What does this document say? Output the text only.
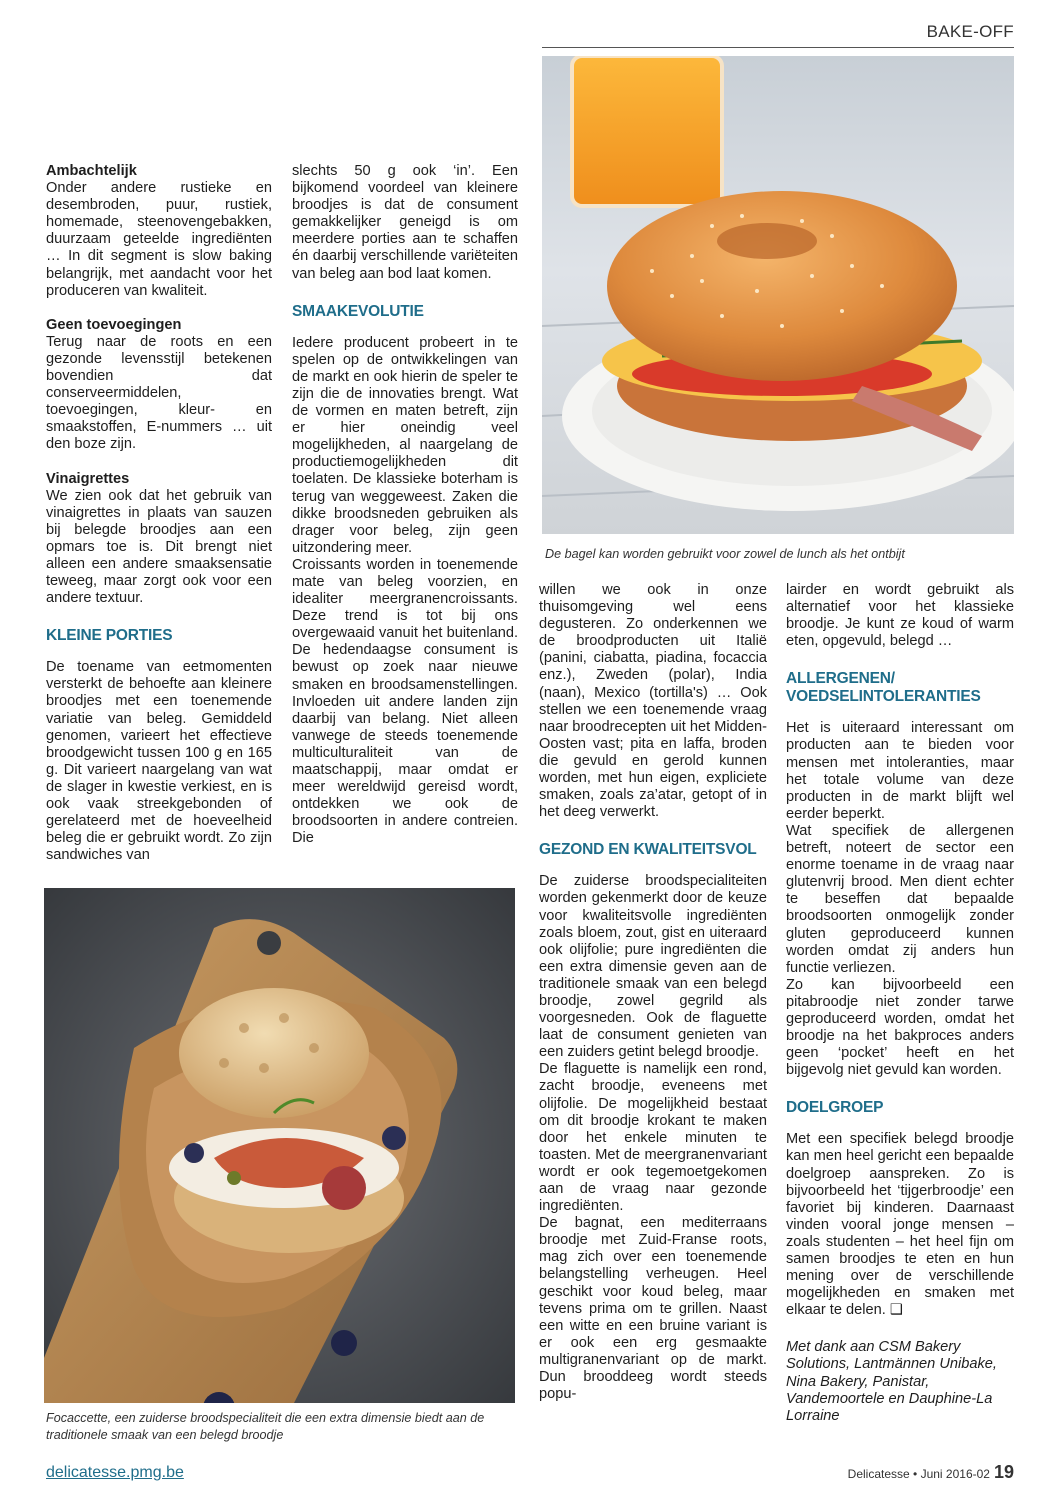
BAKE-OFF
De bagel kan worden gebruikt voor zowel de lunch als het ontbijt

Ambachtelijk

Onder andere rustieke en desembroden, puur, rustiek, homemade, steenovengebakken, duurzaam geteelde ingrediënten … In dit segment is slow baking belangrijk, met aandacht voor het produceren van kwaliteit.

Geen toevoegingen

Terug naar de roots en een gezonde levensstijl betekenen bovendien dat conserveermiddelen, toevoegingen, kleur- en smaakstoffen, E-nummers … uit den boze zijn.

Vinaigrettes

We zien ook dat het gebruik van vinaigrettes in plaats van sauzen bij belegde broodjes aan een opmars toe is. Dit brengt niet alleen een andere smaaksensatie teweeg, maar zorgt ook voor een andere textuur.

KLEINE PORTIES

De toename van eetmomenten versterkt de behoefte aan kleinere broodjes met een toenemende variatie van beleg. Gemiddeld genomen, varieert het effectieve broodgewicht tussen 100 g en 165 g. Dit varieert naargelang van wat de slager in kwestie verkiest, en is ook vaak streekgebonden of gerelateerd met de hoeveelheid beleg die er gebruikt wordt. Zo zijn sandwiches van

slechts 50 g ook ‘in’. Een bijkomend voordeel van kleinere broodjes is dat de consument gemakkelijker geneigd is om meerdere porties aan te schaffen én daarbij verschillende variëteiten van beleg aan bod laat komen.

SMAAKEVOLUTIE

Iedere producent probeert in te spelen op de ontwikkelingen van de markt en ook hierin de speler te zijn die de innovaties brengt. Wat de vormen en maten betreft, zijn er hier oneindig veel mogelijkheden, al naargelang de productiemogelijkheden dit toelaten. De klassieke boterham is terug van weggeweest. Zaken die dikke broodsneden gebruiken als drager voor beleg, zijn geen uitzondering meer.

Croissants worden in toenemende mate van beleg voorzien, en idealiter meergranencroissants. Deze trend is tot bij ons overgewaaid vanuit het buitenland. De hedendaagse consument is bewust op zoek naar nieuwe smaken en broodsamenstellingen. Invloeden uit andere landen zijn daarbij van belang. Niet alleen vanwege de steeds toenemende multiculturaliteit van de maatschappij, maar omdat er meer wereldwijd gereisd wordt, ontdekken we ook de broodsoorten in andere contreien. Die

Focaccette, een zuiderse broodspecialiteit die een extra dimensie biedt aan de traditionele smaak van een belegd broodje

willen we ook in onze thuisomgeving wel eens degusteren. Zo onderkennen we de broodproducten uit Italië (panini, ciabatta, piadina, focaccia enz.), Zweden (polar), India (naan), Mexico (tortilla's) … Ook stellen we een toenemende vraag naar broodrecepten uit het Midden-Oosten vast; pita en laffa, broden die gevuld en gerold kunnen worden, met hun eigen, expliciete smaken, zoals za’atar, getopt of in het deeg verwerkt.

GEZOND EN KWALITEITSVOL

De zuiderse broodspecialiteiten worden gekenmerkt door de keuze voor kwaliteitsvolle ingrediënten zoals bloem, zout, gist en uiteraard ook olijfolie; pure ingrediënten die een extra dimensie geven aan de traditionele smaak van een belegd broodje, zowel gegrild als voorgesneden. Ook de flaguette laat de consument genieten van een zuiders getint belegd broodje.

De flaguette is namelijk een rond, zacht broodje, eveneens met olijfolie. De mogelijkheid bestaat om dit broodje krokant te maken door het enkele minuten te toasten. Met de meergranenvariant wordt er ook tegemoetgekomen aan de vraag naar gezonde ingrediënten.

De bagnat, een mediterraans broodje met Zuid-Franse roots, mag zich over een toenemende belangstelling verheugen. Heel geschikt voor koud beleg, maar tevens prima om te grillen. Naast een witte en een bruine variant is er ook een erg gesmaakte multigranenvariant op de markt. Dun brooddeeg wordt steeds popu-

lairder en wordt gebruikt als alternatief voor het klassieke broodje. Je kunt ze koud of warm eten, opgevuld, belegd …

ALLERGENEN/

VOEDSELINTOLERANTIES

Het is uiteraard interessant om producten aan te bieden voor mensen met intoleranties, maar het totale volume van deze producten in de markt blijft wel eerder beperkt.

Wat specifiek de allergenen betreft, noteert de sector een enorme toename in de vraag naar glutenvrij brood. Men dient echter te beseffen dat bepaalde broodsoorten onmogelijk zonder gluten geproduceerd kunnen worden omdat zij anders hun functie verliezen.

Zo kan bijvoorbeeld een pitabroodje niet zonder tarwe geproduceerd worden, omdat het broodje na het bakproces anders geen ‘pocket’ heeft en het bijgevolg niet gevuld kan worden.

DOELGROEP

Met een specifiek belegd broodje kan men heel gericht een bepaalde doelgroep aanspreken. Zo is bijvoorbeeld het ‘tijgerbroodje’ een favoriet bij kinderen. Daarnaast vinden vooral jonge mensen – zoals studenten – het heel fijn om samen broodjes te eten en hun mening over de verschillende mogelijkheden en smaken met elkaar te delen. ❑

Met dank aan CSM Bakery Solutions, Lantmännen Unibake, Nina Bakery, Panistar, Vandemoortele en Dauphine-La Lorraine

delicatesse.pmg.be	Delicatesse • Juni 2016-02 19
